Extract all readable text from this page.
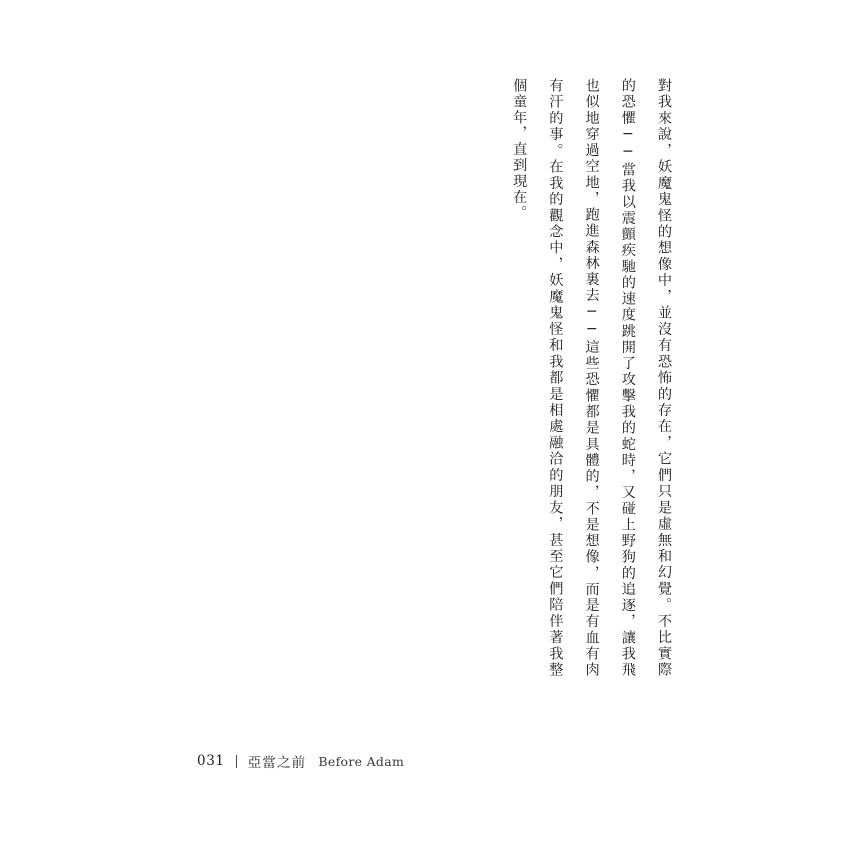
對我來說，妖魔鬼怪的想像中，並沒有恐怖的存在，它們只是虛無和幻覺。不比實際的恐懼──當我以震顫疾馳的速度跳開了攻擊我的蛇時，又碰上野狗的追逐，讓我飛也似地穿過空地，跑進森林裏去──這些恐懼都是具體的，不是想像，而是有血有肉有汗的事。在我的觀念中，妖魔鬼怪和我都是相處融洽的朋友，甚至它們陪伴著我整個童年，直到現在。

031 亞當之前 Before Adam
